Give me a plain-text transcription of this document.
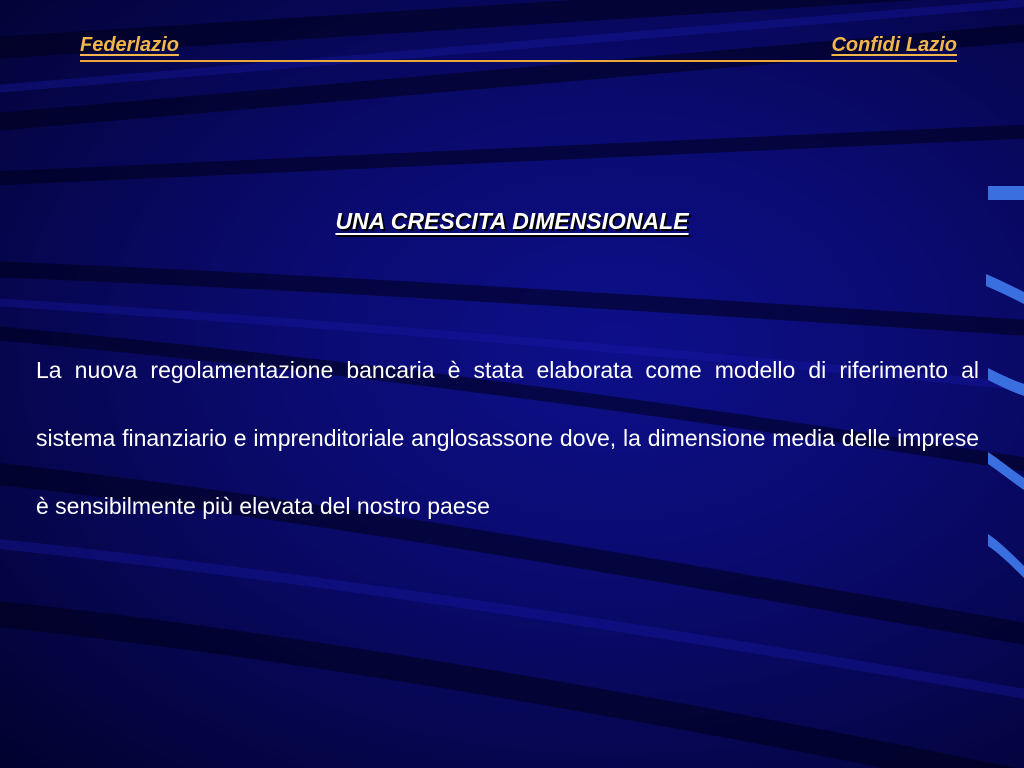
Federlazio	Confidi Lazio
UNA CRESCITA DIMENSIONALE
La nuova regolamentazione bancaria è stata elaborata come modello di riferimento al sistema finanziario e imprenditoriale anglosassone dove, la dimensione media delle imprese è sensibilmente più elevata del nostro paese
